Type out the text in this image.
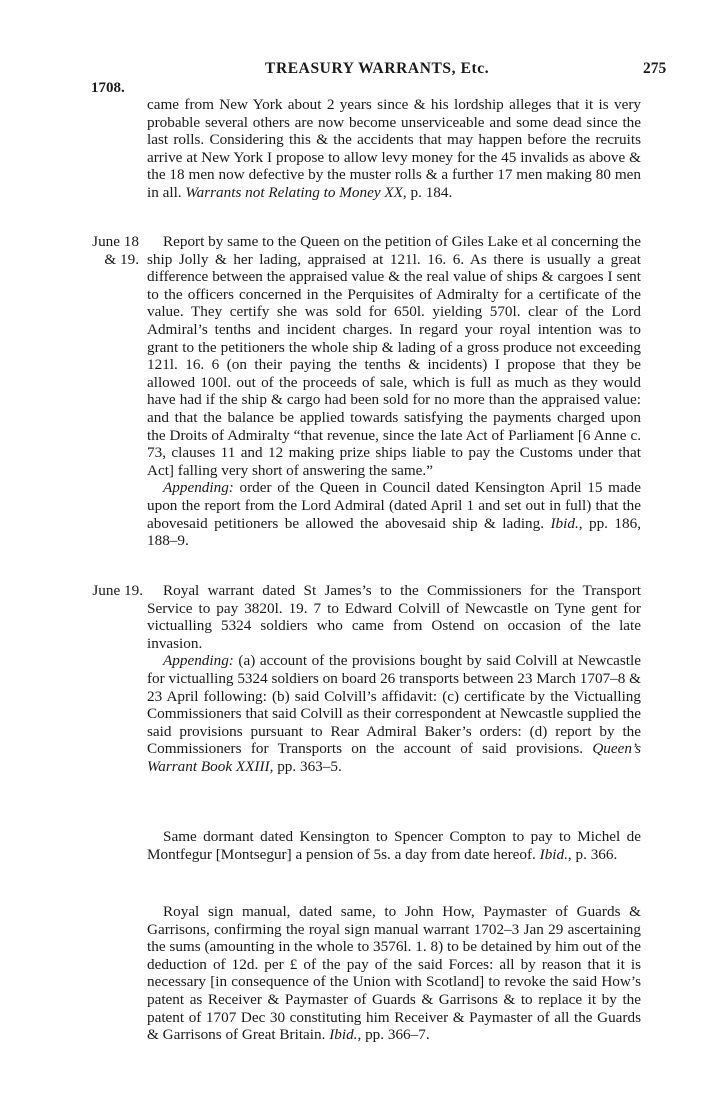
1708.
TREASURY WARRANTS, Etc.	275

came from New York about 2 years since & his lordship alleges that it is very probable several others are now become unserviceable and some dead since the last rolls. Considering this & the accidents that may happen before the recruits arrive at New York I propose to allow levy money for the 45 invalids as above & the 18 men now defective by the muster rolls & a further 17 men making 80 men in all. Warrants not Relating to Money XX, p. 184.

June 18 & 19.

Report by same to the Queen on the petition of Giles Lake et al concerning the ship Jolly & her lading, appraised at 121l. 16. 6. As there is usually a great difference between the appraised value & the real value of ships & cargoes I sent to the officers concerned in the Perquisites of Admiralty for a certificate of the value. They certify she was sold for 650l. yielding 570l. clear of the Lord Admiral’s tenths and incident charges. In regard your royal intention was to grant to the petitioners the whole ship & lading of a gross produce not exceeding 121l. 16. 6 (on their paying the tenths & incidents) I propose that they be allowed 100l. out of the proceeds of sale, which is full as much as they would have had if the ship & cargo had been sold for no more than the appraised value: and that the balance be applied towards satisfying the payments charged upon the Droits of Admiralty “that revenue, since the late Act of Parliament [6 Anne c. 73, clauses 11 and 12 making prize ships liable to pay the Customs under that Act] falling very short of answering the same.”

Appending: order of the Queen in Council dated Kensington April 15 made upon the report from the Lord Admiral (dated April 1 and set out in full) that the abovesaid petitioners be allowed the abovesaid ship & lading. Ibid., pp. 186, 188–9.

June 19.	Royal warrant dated St James’s to the Commissioners for the Transport Service to pay 3820l. 19. 7 to Edward Colvill of Newcastle on Tyne gent for victualling 5324 soldiers who came from Ostend on occasion of the late invasion.

Appending: (a) account of the provisions bought by said Colvill at Newcastle for victualling 5324 soldiers on board 26 transports between 23 March 1707–8 & 23 April following: (b) said Colvill’s affidavit: (c) certificate by the Victualling Commissioners that said Colvill as their correspondent at Newcastle supplied the said provisions pursuant to Rear Admiral Baker’s orders: (d) report by the Commissioners for Transports on the account of said provisions. Queen’s Warrant Book XXIII, pp. 363–5.

Same dormant dated Kensington to Spencer Compton to pay to Michel de Montfegur [Montsegur] a pension of 5s. a day from date hereof. Ibid., p. 366.

Royal sign manual, dated same, to John How, Paymaster of Guards & Garrisons, confirming the royal sign manual warrant 1702–3 Jan 29 ascertaining the sums (amounting in the whole to 3576l. 1. 8) to be detained by him out of the deduction of 12d. per £ of the pay of the said Forces: all by reason that it is necessary [in consequence of the Union with Scotland] to revoke the said How’s patent as Receiver & Paymaster of Guards & Garrisons & to replace it by the patent of 1707 Dec 30 constituting him Receiver & Paymaster of all the Guards & Garrisons of Great Britain. Ibid., pp. 366–7.
